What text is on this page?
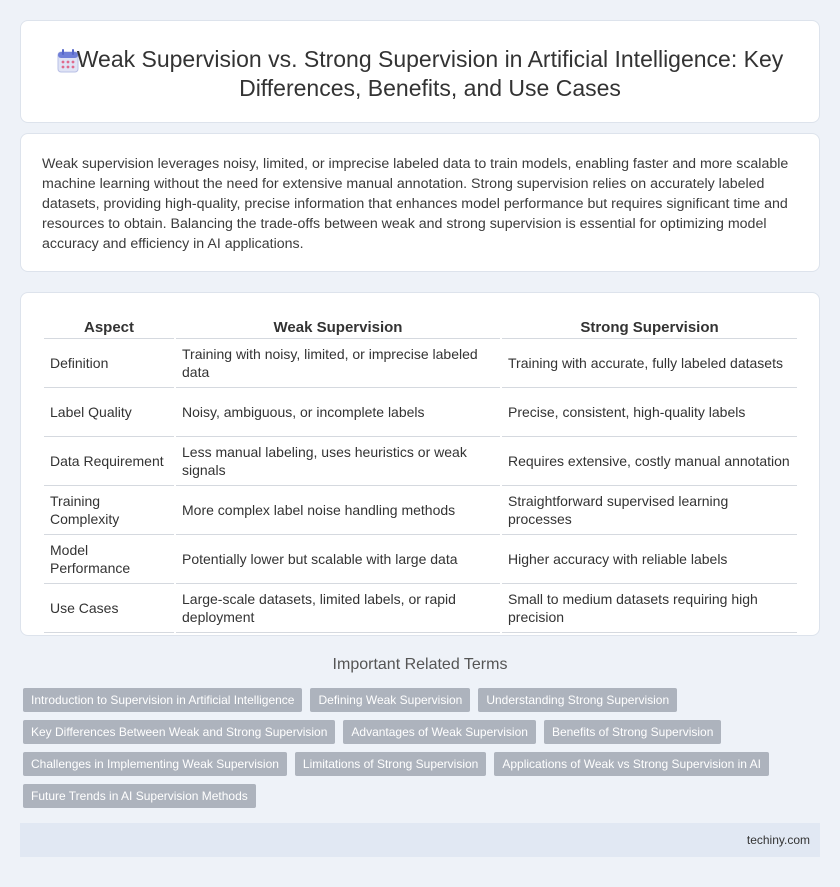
Weak Supervision vs. Strong Supervision in Artificial Intelligence: Key Differences, Benefits, and Use Cases

Weak supervision leverages noisy, limited, or imprecise labeled data to train models, enabling faster and more scalable machine learning without the need for extensive manual annotation. Strong supervision relies on accurately labeled datasets, providing high-quality, precise information that enhances model performance but requires significant time and resources to obtain. Balancing the trade-offs between weak and strong supervision is essential for optimizing model accuracy and efficiency in AI applications.

Aspect	Weak Supervision	Strong Supervision
Definition	Training with noisy, limited, or imprecise labeled data	Training with accurate, fully labeled datasets
Label Quality	Noisy, ambiguous, or incomplete labels	Precise, consistent, high-quality labels
Data Requirement	Less manual labeling, uses heuristics or weak signals	Requires extensive, costly manual annotation
Training Complexity	More complex label noise handling methods	Straightforward supervised learning processes
Model Performance	Potentially lower but scalable with large data	Higher accuracy with reliable labels
Use Cases	Large-scale datasets, limited labels, or rapid deployment	Small to medium datasets requiring high precision
Important Related Terms
Introduction to Supervision in Artificial Intelligence	Defining Weak Supervision	Understanding Strong Supervision
Key Differences Between Weak and Strong Supervision	Advantages of Weak Supervision	Benefits of Strong Supervision
Challenges in Implementing Weak Supervision	Limitations of Strong Supervision	Applications of Weak vs Strong Supervision in AI
Future Trends in AI Supervision Methods
techiny.com
